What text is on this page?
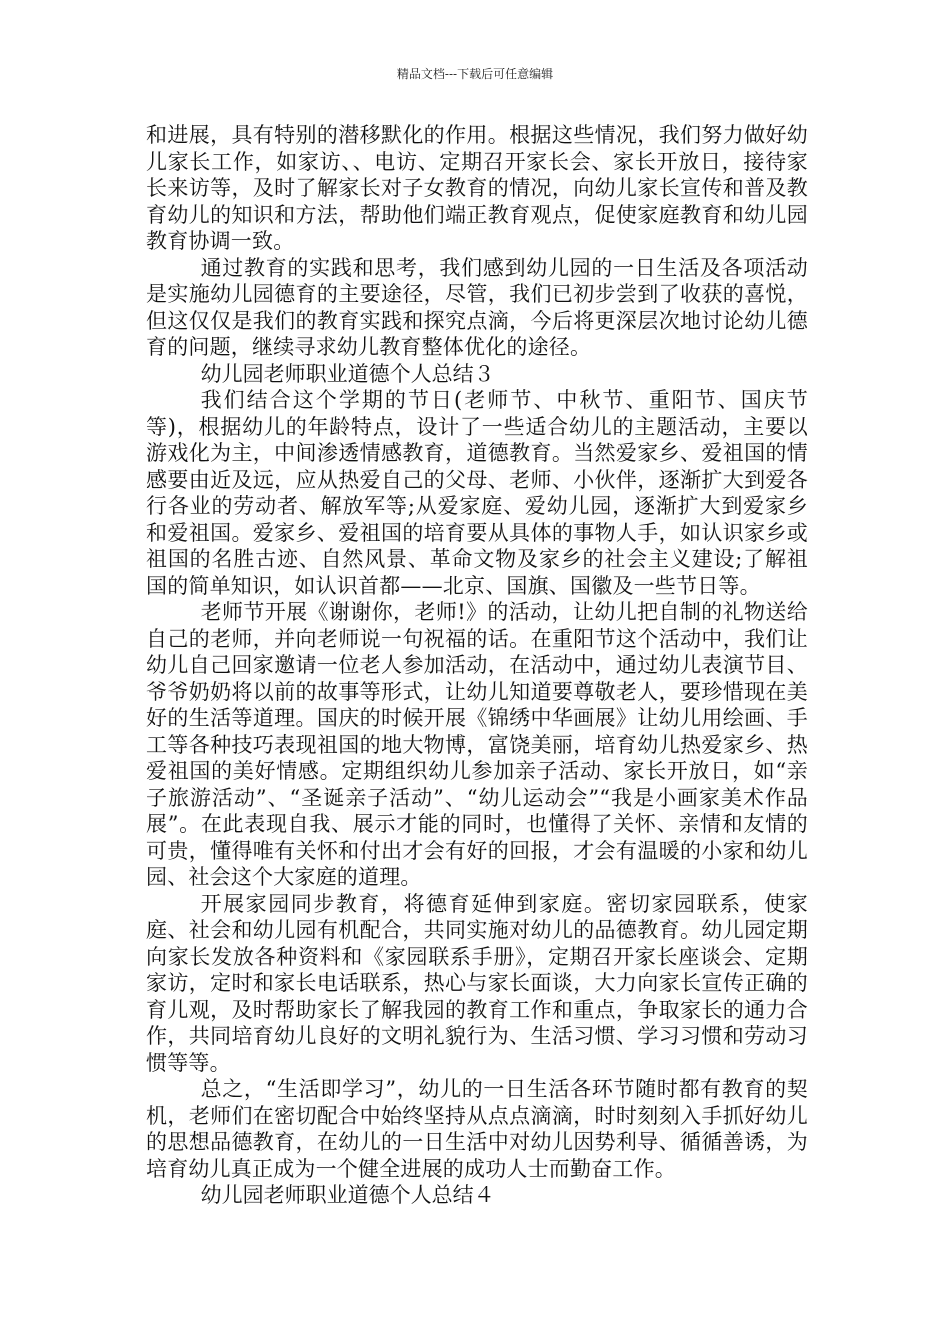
精品文档---下载后可任意编辑

和进展，具有特别的潜移默化的作用。根据这些情况，我们努力做好幼儿家长工作，如家访、、电访、定期召开家长会、家长开放日，接待家长来访等，及时了解家长对子女教育的情况，向幼儿家长宣传和普及教育幼儿的知识和方法，帮助他们端正教育观点，促使家庭教育和幼儿园教育协调一致。

通过教育的实践和思考，我们感到幼儿园的一日生活及各项活动是实施幼儿园德育的主要途径，尽管，我们已初步尝到了收获的喜悦，但这仅仅是我们的教育实践和探究点滴，今后将更深层次地讨论幼儿德育的问题，继续寻求幼儿教育整体优化的途径。

幼儿园老师职业道德个人总结３

我们结合这个学期的节日(老师节、中秋节、重阳节、国庆节等)，根据幼儿的年龄特点，设计了一些适合幼儿的主题活动，主要以游戏化为主，中间渗透情感教育，道德教育。当然爱家乡、爱祖国的情感要由近及远，应从热爱自己的父母、老师、小伙伴，逐渐扩大到爱各行各业的劳动者、解放军等;从爱家庭、爱幼儿园，逐渐扩大到爱家乡和爱祖国。爱家乡、爱祖国的培育要从具体的事物人手，如认识家乡或祖国的名胜古迹、自然风景、革命文物及家乡的社会主义建设;了解祖国的简单知识，如认识首都——北京、国旗、国徽及一些节日等。

老师节开展《谢谢你，老师!》的活动，让幼儿把自制的礼物送给自己的老师，并向老师说一句祝福的话。在重阳节这个活动中，我们让幼儿自己回家邀请一位老人参加活动，在活动中，通过幼儿表演节目、爷爷奶奶将以前的故事等形式，让幼儿知道要尊敬老人，要珍惜现在美好的生活等道理。国庆的时候开展《锦绣中华画展》让幼儿用绘画、手工等各种技巧表现祖国的地大物博，富饶美丽，培育幼儿热爱家乡、热爱祖国的美好情感。定期组织幼儿参加亲子活动、家长开放日，如“亲子旅游活动”、“圣诞亲子活动”、“幼儿运动会”“我是小画家美术作品展”。在此表现自我、展示才能的同时，也懂得了关怀、亲情和友情的可贵，懂得唯有关怀和付出才会有好的回报，才会有温暖的小家和幼儿园、社会这个大家庭的道理。

开展家园同步教育，将德育延伸到家庭。密切家园联系，使家庭、社会和幼儿园有机配合，共同实施对幼儿的品德教育。幼儿园定期向家长发放各种资料和《家园联系手册》，定期召开家长座谈会、定期家访，定时和家长电话联系，热心与家长面谈，大力向家长宣传正确的育儿观，及时帮助家长了解我园的教育工作和重点，争取家长的通力合作，共同培育幼儿良好的文明礼貌行为、生活习惯、学习习惯和劳动习惯等等。

总之，“生活即学习”，幼儿的一日生活各环节随时都有教育的契机，老师们在密切配合中始终坚持从点点滴滴，时时刻刻入手抓好幼儿的思想品德教育，在幼儿的一日生活中对幼儿因势利导、循循善诱，为培育幼儿真正成为一个健全进展的成功人士而勤奋工作。

幼儿园老师职业道德个人总结４
